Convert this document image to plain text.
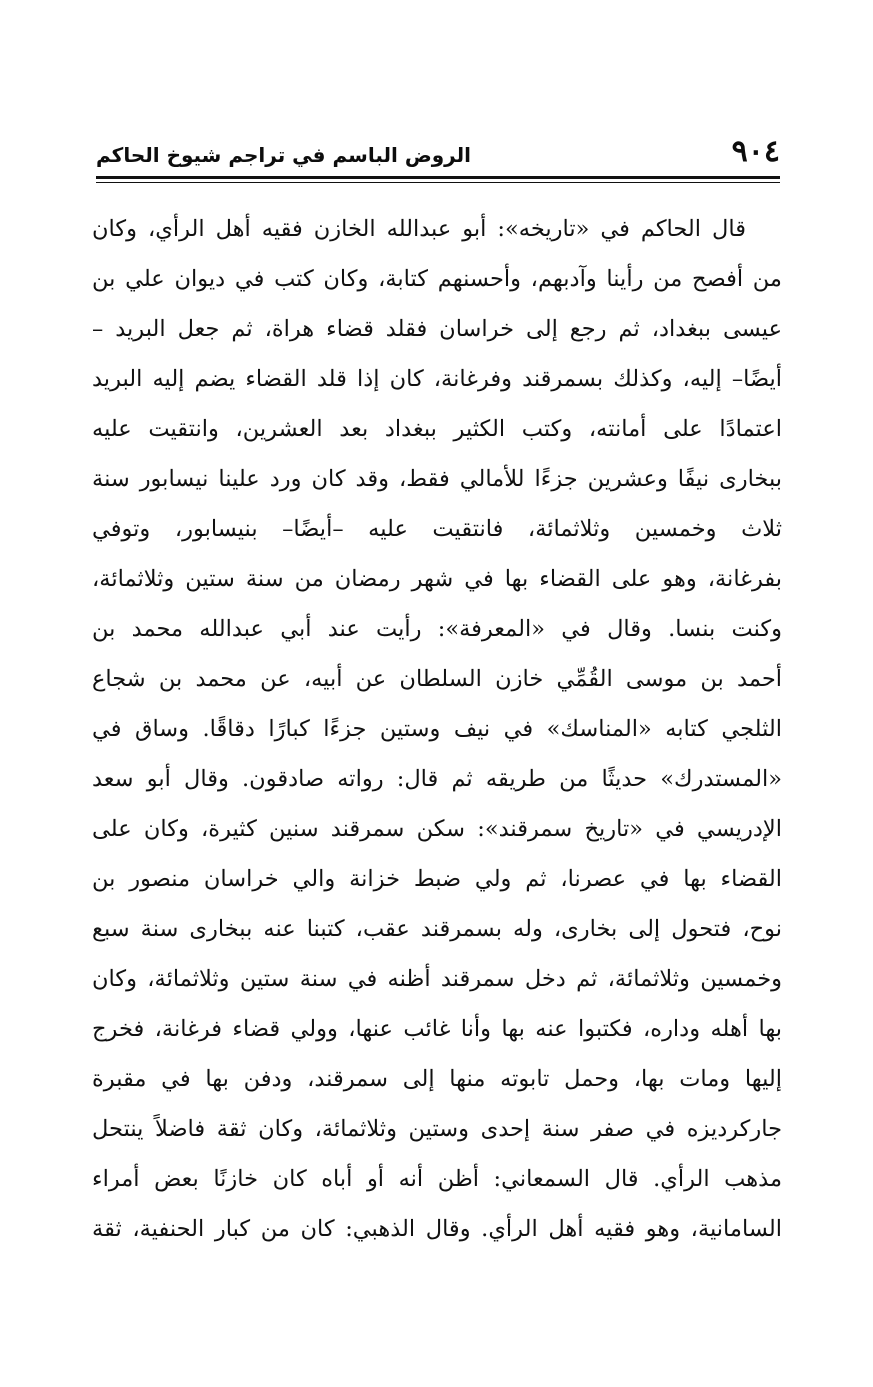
٩٠٤
الروض الباسم في تراجم شيوخ الحاكم
قال الحاكم في «تاريخه»: أبو عبدالله الخازن فقيه أهل الرأي، وكان
من أفصح من رأينا وآدبهم، وأحسنهم كتابة، وكان كتب في ديوان علي بن
عيسى ببغداد، ثم رجع إلى خراسان فقلد قضاء هراة، ثم جعل البريد –
أيضًا– إليه، وكذلك بسمرقند وفرغانة، كان إذا قلد القضاء يضم إليه البريد
اعتمادًا على أمانته، وكتب الكثير ببغداد بعد العشرين، وانتقيت عليه
ببخارى نيفًا وعشرين جزءًا للأمالي فقط، وقد كان ورد علينا نيسابور سنة
ثلاث وخمسين وثلاثمائة، فانتقيت عليه –أيضًا– بنيسابور، وتوفي
بفرغانة، وهو على القضاء بها في شهر رمضان من سنة ستين وثلاثمائة،
وكنت بنسا. وقال في «المعرفة»: رأيت عند أبي عبدالله محمد بن
أحمد بن موسى القُمِّي خازن السلطان عن أبيه، عن محمد بن شجاع
الثلجي كتابه «المناسك» في نيف وستين جزءًا كبارًا دقاقًا. وساق في
«المستدرك» حديثًا من طريقه ثم قال: رواته صادقون. وقال أبو سعد
الإدريسي في «تاريخ سمرقند»: سكن سمرقند سنين كثيرة، وكان على
القضاء بها في عصرنا، ثم ولي ضبط خزانة والي خراسان منصور بن
نوح، فتحول إلى بخارى، وله بسمرقند عقب، كتبنا عنه ببخارى سنة سبع
وخمسين وثلاثمائة، ثم دخل سمرقند أظنه في سنة ستين وثلاثمائة، وكان
بها أهله وداره، فكتبوا عنه بها وأنا غائب عنها، وولي قضاء فرغانة، فخرج
إليها ومات بها، وحمل تابوته منها إلى سمرقند، ودفن بها في مقبرة
جاركرديزه في صفر سنة إحدى وستين وثلاثمائة، وكان ثقة فاضلاً ينتحل
مذهب الرأي. قال السمعاني: أظن أنه أو أباه كان خازنًا بعض أمراء
السامانية، وهو فقيه أهل الرأي. وقال الذهبي: كان من كبار الحنفية، ثقة
